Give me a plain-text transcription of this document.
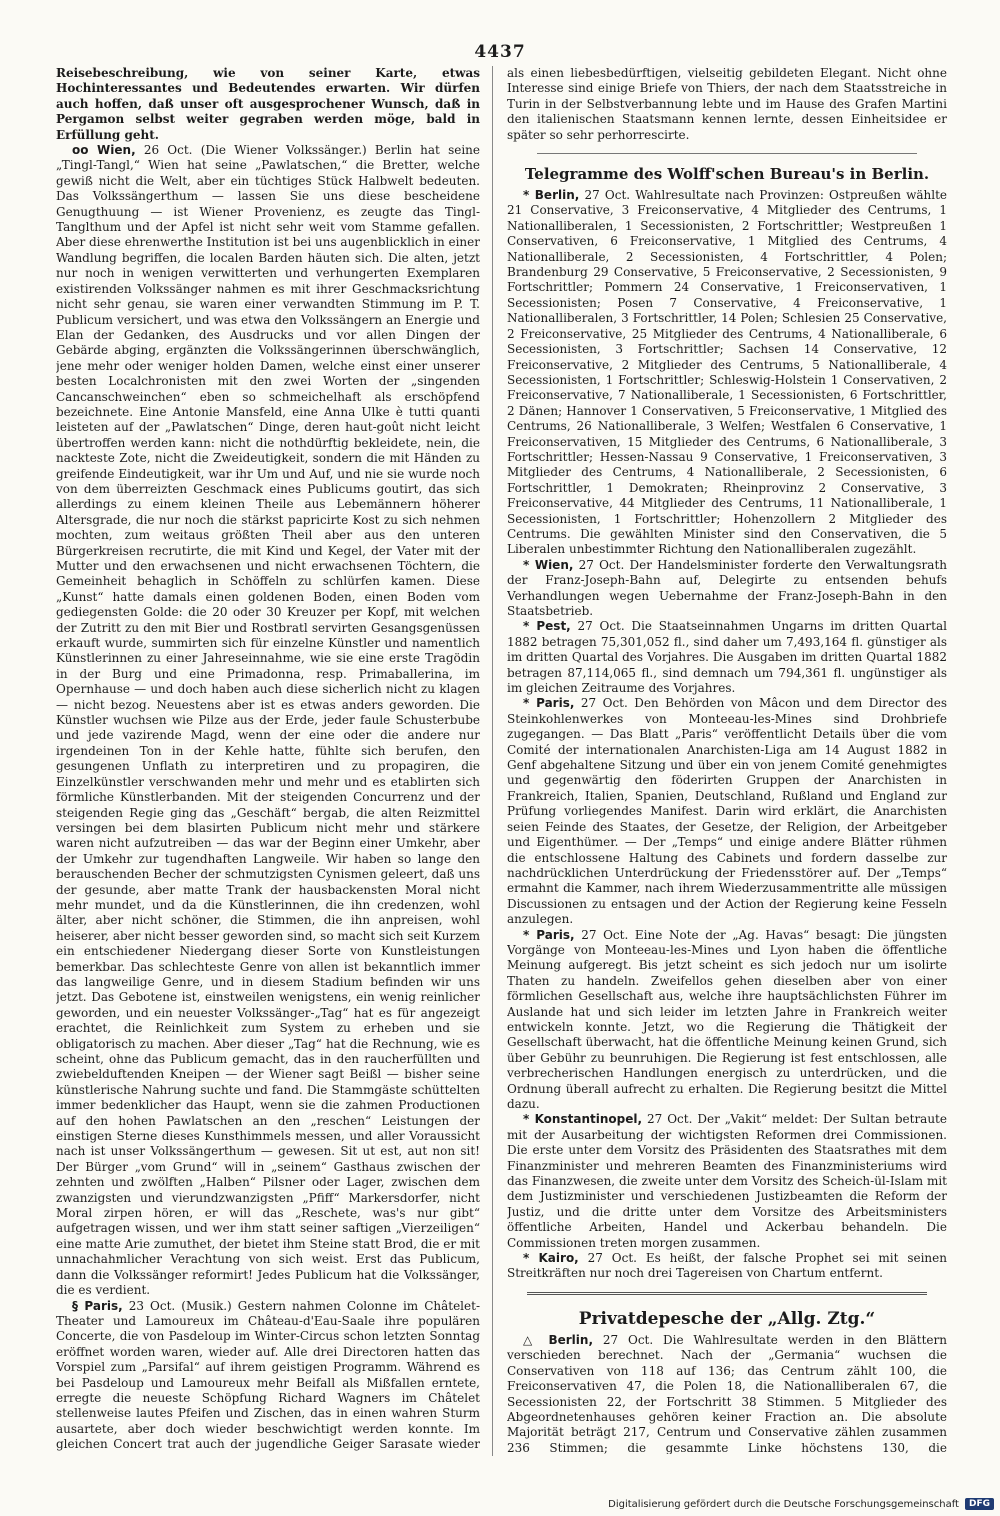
4437

Reisebeschreibung, wie von seiner Karte, etwas Hochinteressantes und Bedeutendes erwarten. Wir dürfen auch hoffen, daß unser oft ausgesprochener Wunsch, daß in Pergamon selbst weiter gegraben werden möge, bald in Erfüllung geht.

oo Wien, 26 Oct. (Die Wiener Volkssänger.) Berlin hat seine „Tingl-Tangl,“ Wien hat seine „Pawlatschen,“ die Bretter, welche gewiß nicht die Welt, aber ein tüchtiges Stück Halbwelt bedeuten. Das Volkssängerthum — lassen Sie uns diese bescheidene Genugthuung — ist Wiener Provenienz, es zeugte das Tingl-Tanglthum und der Apfel ist nicht sehr weit vom Stamme gefallen. Aber diese ehrenwerthe Institution ist bei uns augenblicklich in einer Wandlung begriffen, die localen Barden häuten sich. Die alten, jetzt nur noch in wenigen verwitterten und verhungerten Exemplaren existirenden Volkssänger nahmen es mit ihrer Geschmacksrichtung nicht sehr genau, sie waren einer verwandten Stimmung im P. T. Publicum versichert, und was etwa den Volkssängern an Energie und Elan der Gedanken, des Ausdrucks und vor allen Dingen der Gebärde abging, ergänzten die Volkssängerinnen überschwänglich, jene mehr oder weniger holden Damen, welche einst einer unserer besten Localchronisten mit den zwei Worten der „singenden Cancanschweinchen“ eben so schmeichelhaft als erschöpfend bezeichnete. Eine Antonie Mansfeld, eine Anna Ulke è tutti quanti leisteten auf der „Pawlatschen“ Dinge, deren haut-goût nicht leicht übertroffen werden kann: nicht die nothdürftig bekleidete, nein, die nackteste Zote, nicht die Zweideutigkeit, sondern die mit Händen zu greifende Eindeutigkeit, war ihr Um und Auf, und nie sie wurde noch von dem überreizten Geschmack eines Publicums goutirt, das sich allerdings zu einem kleinen Theile aus Lebemännern höherer Altersgrade, die nur noch die stärkst papricirte Kost zu sich nehmen mochten, zum weitaus größten Theil aber aus den unteren Bürgerkreisen recrutirte, die mit Kind und Kegel, der Vater mit der Mutter und den erwachsenen und nicht erwachsenen Töchtern, die Gemeinheit behaglich in Schöffeln zu schlürfen kamen. Diese „Kunst“ hatte damals einen goldenen Boden, einen Boden vom gediegensten Golde: die 20 oder 30 Kreuzer per Kopf, mit welchen der Zutritt zu den mit Bier und Rostbratl servirten Gesangsgenüssen erkauft wurde, summirten sich für einzelne Künstler und namentlich Künstlerinnen zu einer Jahreseinnahme, wie sie eine erste Tragödin in der Burg und eine Primadonna, resp. Primaballerina, im Opernhause — und doch haben auch diese sicherlich nicht zu klagen — nicht bezog. Neuestens aber ist es etwas anders geworden. Die Künstler wuchsen wie Pilze aus der Erde, jeder faule Schusterbube und jede vazirende Magd, wenn der eine oder die andere nur irgendeinen Ton in der Kehle hatte, fühlte sich berufen, den gesungenen Unflath zu interpretiren und zu propagiren, die Einzelkünstler verschwanden mehr und mehr und es etablirten sich förmliche Künstlerbanden. Mit der steigenden Concurrenz und der steigenden Regie ging das „Geschäft“ bergab, die alten Reizmittel versingen bei dem blasirten Publicum nicht mehr und stärkere waren nicht aufzutreiben — das war der Beginn einer Umkehr, aber der Umkehr zur tugendhaften Langweile. Wir haben so lange den berauschenden Becher der schmutzigsten Cynismen geleert, daß uns der gesunde, aber matte Trank der hausbackensten Moral nicht mehr mundet, und da die Künstlerinnen, die ihn credenzen, wohl älter, aber nicht schöner, die Stimmen, die ihn anpreisen, wohl heiserer, aber nicht besser geworden sind, so macht sich seit Kurzem ein entschiedener Niedergang dieser Sorte von Kunstleistungen bemerkbar. Das schlechteste Genre von allen ist bekanntlich immer das langweilige Genre, und in diesem Stadium befinden wir uns jetzt. Das Gebotene ist, einstweilen wenigstens, ein wenig reinlicher geworden, und ein neuester Volkssänger-„Tag“ hat es für angezeigt erachtet, die Reinlichkeit zum System zu erheben und sie obligatorisch zu machen. Aber dieser „Tag“ hat die Rechnung, wie es scheint, ohne das Publicum gemacht, das in den raucherfüllten und zwiebelduftenden Kneipen — der Wiener sagt Beißl — bisher seine künstlerische Nahrung suchte und fand. Die Stammgäste schüttelten immer bedenklicher das Haupt, wenn sie die zahmen Productionen auf den hohen Pawlatschen an den „reschen“ Leistungen der einstigen Sterne dieses Kunsthimmels messen, und aller Voraussicht nach ist unser Volkssängerthum — gewesen. Sit ut est, aut non sit! Der Bürger „vom Grund“ will in „seinem“ Gasthaus zwischen der zehnten und zwölften „Halben“ Pilsner oder Lager, zwischen dem zwanzigsten und vierundzwanzigsten „Pfiff“ Markersdorfer, nicht Moral zirpen hören, er will das „Reschete, was's nur gibt“ aufgetragen wissen, und wer ihm statt seiner saftigen „Vierzeiligen“ eine matte Arie zumuthet, der bietet ihm Steine statt Brod, die er mit unnachahmlicher Verachtung von sich weist. Erst das Publicum, dann die Volkssänger reformirt! Jedes Publicum hat die Volkssänger, die es verdient.

§ Paris, 23 Oct. (Musik.) Gestern nahmen Colonne im Châtelet-Theater und Lamoureux im Château-d'Eau-Saale ihre populären Concerte, die von Pasdeloup im Winter-Circus schon letzten Sonntag eröffnet worden waren, wieder auf. Alle drei Directoren hatten das Vorspiel zum „Parsifal“ auf ihrem geistigen Programm. Während es bei Pasdeloup und Lamoureux mehr Beifall als Mißfallen erntete, erregte die neueste Schöpfung Richard Wagners im Châtelet stellenweise lautes Pfeifen und Zischen, das in einen wahren Sturm ausartete, aber doch wieder beschwichtigt werden konnte. Im gleichen Concert trat auch der jugendliche Geiger Sarasate wieder

als einen liebesbedürftigen, vielseitig gebildeten Elegant. Nicht ohne Interesse sind einige Briefe von Thiers, der nach dem Staatsstreiche in Turin in der Selbstverbannung lebte und im Hause des Grafen Martini den italienischen Staatsmann kennen lernte, dessen Einheitsidee er später so sehr perhorrescirte.

Telegramme des Wolff'schen Bureau's in Berlin.

* Berlin, 27 Oct. Wahlresultate nach Provinzen: Ostpreußen wählte 21 Conservative, 3 Freiconservative, 4 Mitglieder des Centrums, 1 Nationalliberalen, 1 Secessionisten, 2 Fortschrittler; Westpreußen 1 Conservativen, 6 Freiconservative, 1 Mitglied des Centrums, 4 Nationalliberale, 2 Secessionisten, 4 Fortschrittler, 4 Polen; Brandenburg 29 Conservative, 5 Freiconservative, 2 Secessionisten, 9 Fortschrittler; Pommern 24 Conservative, 1 Freiconservativen, 1 Secessionisten; Posen 7 Conservative, 4 Freiconservative, 1 Nationalliberalen, 3 Fortschrittler, 14 Polen; Schlesien 25 Conservative, 2 Freiconservative, 25 Mitglieder des Centrums, 4 Nationalliberale, 6 Secessionisten, 3 Fortschrittler; Sachsen 14 Conservative, 12 Freiconservative, 2 Mitglieder des Centrums, 5 Nationalliberale, 4 Secessionisten, 1 Fortschrittler; Schleswig-Holstein 1 Conservativen, 2 Freiconservative, 7 Nationalliberale, 1 Secessionisten, 6 Fortschrittler, 2 Dänen; Hannover 1 Conservativen, 5 Freiconservative, 1 Mitglied des Centrums, 26 Nationalliberale, 3 Welfen; Westfalen 6 Conservative, 1 Freiconservativen, 15 Mitglieder des Centrums, 6 Nationalliberale, 3 Fortschrittler; Hessen-Nassau 9 Conservative, 1 Freiconservativen, 3 Mitglieder des Centrums, 4 Nationalliberale, 2 Secessionisten, 6 Fortschrittler, 1 Demokraten; Rheinprovinz 2 Conservative, 3 Freiconservative, 44 Mitglieder des Centrums, 11 Nationalliberale, 1 Secessionisten, 1 Fortschrittler; Hohenzollern 2 Mitglieder des Centrums. Die gewählten Minister sind den Conservativen, die 5 Liberalen unbestimmter Richtung den Nationalliberalen zugezählt.

* Wien, 27 Oct. Der Handelsminister forderte den Verwaltungsrath der Franz-Joseph-Bahn auf, Delegirte zu entsenden behufs Verhandlungen wegen Uebernahme der Franz-Joseph-Bahn in den Staatsbetrieb.

* Pest, 27 Oct. Die Staatseinnahmen Ungarns im dritten Quartal 1882 betragen 75,301,052 fl., sind daher um 7,493,164 fl. günstiger als im dritten Quartal des Vorjahres. Die Ausgaben im dritten Quartal 1882 betragen 87,114,065 fl., sind demnach um 794,361 fl. ungünstiger als im gleichen Zeitraume des Vorjahres.

* Paris, 27 Oct. Den Behörden von Mâcon und dem Director des Steinkohlenwerkes von Monteeau-les-Mines sind Drohbriefe zugegangen. — Das Blatt „Paris“ veröffentlicht Details über die vom Comité der internationalen Anarchisten-Liga am 14 August 1882 in Genf abgehaltene Sitzung und über ein von jenem Comité genehmigtes und gegenwärtig den föderirten Gruppen der Anarchisten in Frankreich, Italien, Spanien, Deutschland, Rußland und England zur Prüfung vorliegendes Manifest. Darin wird erklärt, die Anarchisten seien Feinde des Staates, der Gesetze, der Religion, der Arbeitgeber und Eigenthümer. — Der „Temps“ und einige andere Blätter rühmen die entschlossene Haltung des Cabinets und fordern dasselbe zur nachdrücklichen Unterdrückung der Friedensstörer auf. Der „Temps“ ermahnt die Kammer, nach ihrem Wiederzusammentritte alle müssigen Discussionen zu entsagen und der Action der Regierung keine Fesseln anzulegen.

* Paris, 27 Oct. Eine Note der „Ag. Havas“ besagt: Die jüngsten Vorgänge von Monteeau-les-Mines und Lyon haben die öffentliche Meinung aufgeregt. Bis jetzt scheint es sich jedoch nur um isolirte Thaten zu handeln. Zweifellos gehen dieselben aber von einer förmlichen Gesellschaft aus, welche ihre hauptsächlichsten Führer im Auslande hat und sich leider im letzten Jahre in Frankreich weiter entwickeln konnte. Jetzt, wo die Regierung die Thätigkeit der Gesellschaft überwacht, hat die öffentliche Meinung keinen Grund, sich über Gebühr zu beunruhigen. Die Regierung ist fest entschlossen, alle verbrecherischen Handlungen energisch zu unterdrücken, und die Ordnung überall aufrecht zu erhalten. Die Regierung besitzt die Mittel dazu.

* Konstantinopel, 27 Oct. Der „Vakit“ meldet: Der Sultan betraute mit der Ausarbeitung der wichtigsten Reformen drei Commissionen. Die erste unter dem Vorsitz des Präsidenten des Staatsrathes mit dem Finanzminister und mehreren Beamten des Finanzministeriums wird das Finanzwesen, die zweite unter dem Vorsitz des Scheich-ül-Islam mit dem Justizminister und verschiedenen Justizbeamten die Reform der Justiz, und die dritte unter dem Vorsitze des Arbeitsministers öffentliche Arbeiten, Handel und Ackerbau behandeln. Die Commissionen treten morgen zusammen.

* Kairo, 27 Oct. Es heißt, der falsche Prophet sei mit seinen Streitkräften nur noch drei Tagereisen von Chartum entfernt.

Privatdepesche der „Allg. Ztg.“

△ Berlin, 27 Oct. Die Wahlresultate werden in den Blättern verschieden berechnet. Nach der „Germania“ wuchsen die Conservativen von 118 auf 136; das Centrum zählt 100, die Freiconservativen 47, die Polen 18, die Nationalliberalen 67, die Secessionisten 22, der Fortschritt 38 Stimmen. 5 Mitglieder des Abgeordnetenhauses gehören keiner Fraction an. Die absolute Majorität beträgt 217, Centrum und Conservative zählen zusammen 236 Stimmen; die gesammte Linke höchstens 130, die

Digitalisierung gefördert durch die Deutsche Forschungsgemeinschaft	DFG
